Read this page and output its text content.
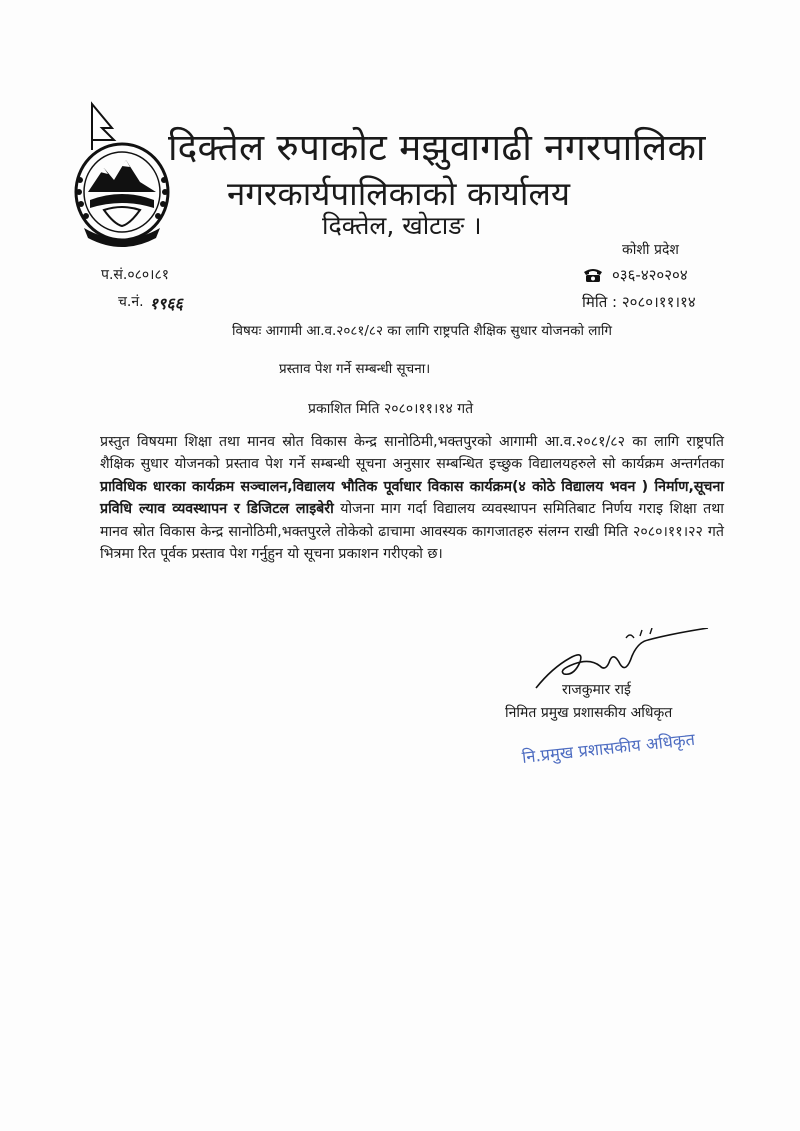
दिक्तेल रुपाकोट मझुवागढी नगरपालिका
नगरकार्यपालिकाको कार्यालय
दिक्तेल, खोटाङ ।
कोशी प्रदेश
प.सं.०८०।८१	०३६-४२०२०४
च.नं. १९६६	मिति : २०८०।११।१४
विषयः आगामी आ.व.२०८१/८२ का लागि राष्ट्रपति शैक्षिक सुधार योजनको लागि
प्रस्ताव पेश गर्ने सम्बन्धी सूचना।
प्रकाशित मिति २०८०।११।१४ गते
प्रस्तुत विषयमा शिक्षा तथा मानव स्रोत विकास केन्द्र सानोठिमी,भक्तपुरको आगामी आ.व.२०८१/८२ का लागि राष्ट्रपति शैक्षिक सुधार योजनको प्रस्ताव पेश गर्ने सम्बन्धी सूचना अनुसार सम्बन्धित इच्छुक विद्यालयहरुले सो कार्यक्रम अन्तर्गतका प्राविधिक धारका कार्यक्रम सञ्चालन,विद्यालय भौतिक पूर्वाधार विकास कार्यक्रम(४ कोठे विद्यालय भवन ) निर्माण,सूचना प्रविधि ल्याव व्यवस्थापन र डिजिटल लाइबेरी योजना माग गर्दा विद्यालय व्यवस्थापन समितिबाट निर्णय गराइ शिक्षा तथा मानव स्रोत विकास केन्द्र सानोठिमी,भक्तपुरले तोकेको ढाचामा आवस्यक कागजातहरु संलग्न राखी मिति २०८०।११।२२ गते भित्रमा रित पूर्वक प्रस्ताव पेश गर्नुहुन यो सूचना प्रकाशन गरीएको छ।
राजकुमार राई
निमित प्रमुख प्रशासकीय अधिकृत
नि.प्रमुख प्रशासकीय अधिकृत
